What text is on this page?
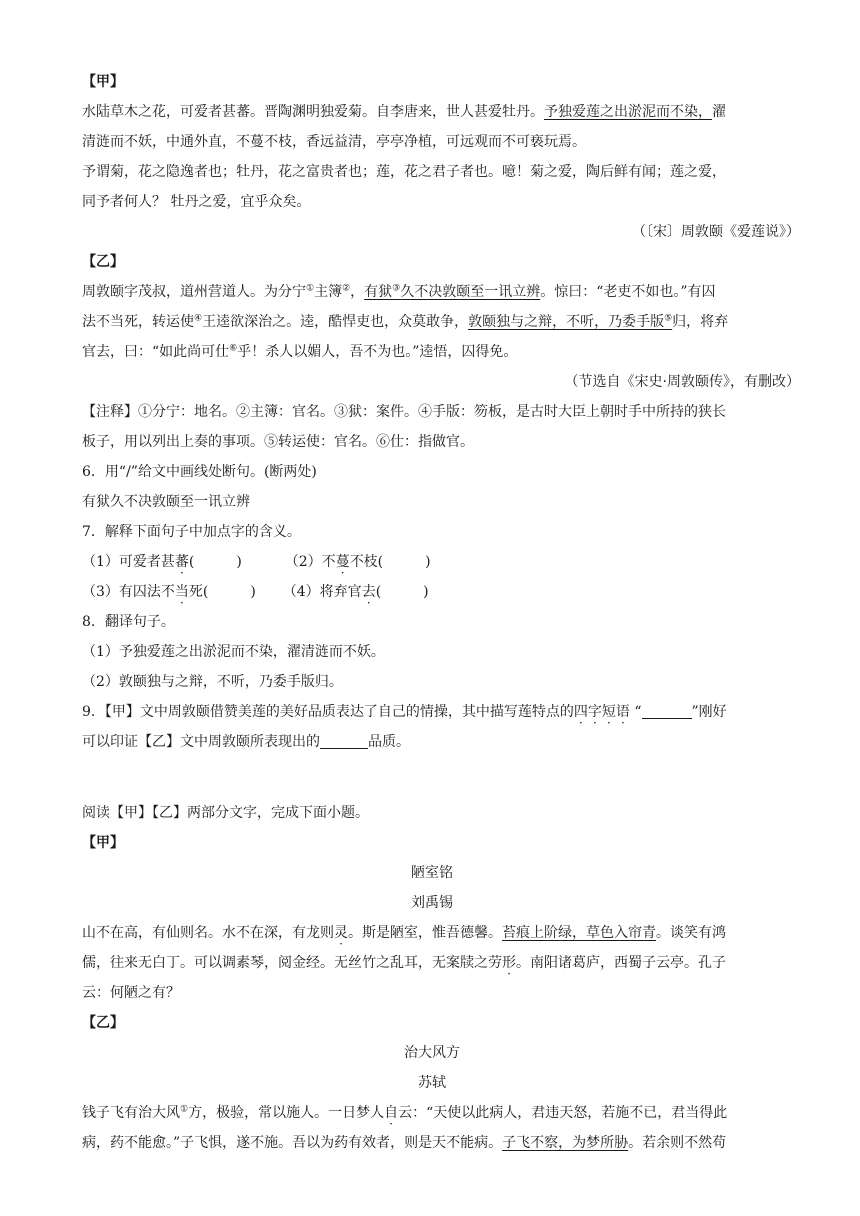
【甲】
水陆草木之花，可爱者甚蕃。晋陶渊明独爱菊。自李唐来，世人甚爱牡丹。予独爱莲之出淤泥而不染，濯
清涟而不妖，中通外直，不蔓不枝，香远益清，亭亭净植，可远观而不可亵玩焉。
予谓菊，花之隐逸者也；牡丹，花之富贵者也；莲，花之君子者也。噫！菊之爱，陶后鲜有闻；莲之爱，
同予者何人？ 牡丹之爱，宜乎众矣。
（〔宋〕周敦颐《爱莲说》）
【乙】
周敦颐字茂叔，道州营道人。为分宁①主簿②，有狱③久不决敦颐至一讯立辨。惊曰：“老吏不如也。”有囚
法不当死，转运使④王逵欲深治之。逵，酷悍吏也，众莫敢争，敦颐独与之辩，不听，乃委手版⑤归，将弃
官去，曰：“如此尚可仕⑥乎！杀人以媚人，吾不为也。”逵悟，囚得免。
（节选自《宋史·周敦颐传》，有删改）
【注释】①分宁：地名。②主簿：官名。③狱：案件。④手版：笏板，是古时大臣上朝时手中所持的狭长
板子，用以列出上奏的事项。⑤转运使：官名。⑥仕：指做官。
6．用“/”给文中画线处断句。(断两处)
有狱久不决敦颐至一讯立辨
7．解释下面句子中加点字的含义。
（1）可爱者甚蕃(　　　)	（2）不蔓不枝(　　　)
（3）有囚法不当死(　　　) （4）将弃官去(　　　)
8．翻译句子。
（1）予独爱莲之出淤泥而不染，濯清涟而不妖。
（2）敦颐独与之辩，不听，乃委手版归。
9．【甲】文中周敦颐借赞美莲的美好品质表达了自己的情操，其中描写莲特点的四字短语 “	”刚好
可以印证【乙】文中周敦颐所表现出的	品质。
阅读【甲】【乙】两部分文字，完成下面小题。
【甲】
陋室铭
刘禹锡
山不在高，有仙则名。水不在深，有龙则灵。斯是陋室，惟吾德馨。苔痕上阶绿，草色入帘青。谈笑有鸿
儒，往来无白丁。可以调素琴，阅金经。无丝竹之乱耳，无案牍之劳形。南阳诸葛庐，西蜀子云亭。孔子
云：何陋之有？
【乙】
治大风方
苏轼
钱子飞有治大风①方，极验，常以施人。一日梦人自云：“天使以此病人，君违天怒，若施不已，君当得此
病，药不能愈。”子飞惧，遂不施。吾以为药有效者，则是天不能病。子飞不察，为梦所胁。若余则不然苟
